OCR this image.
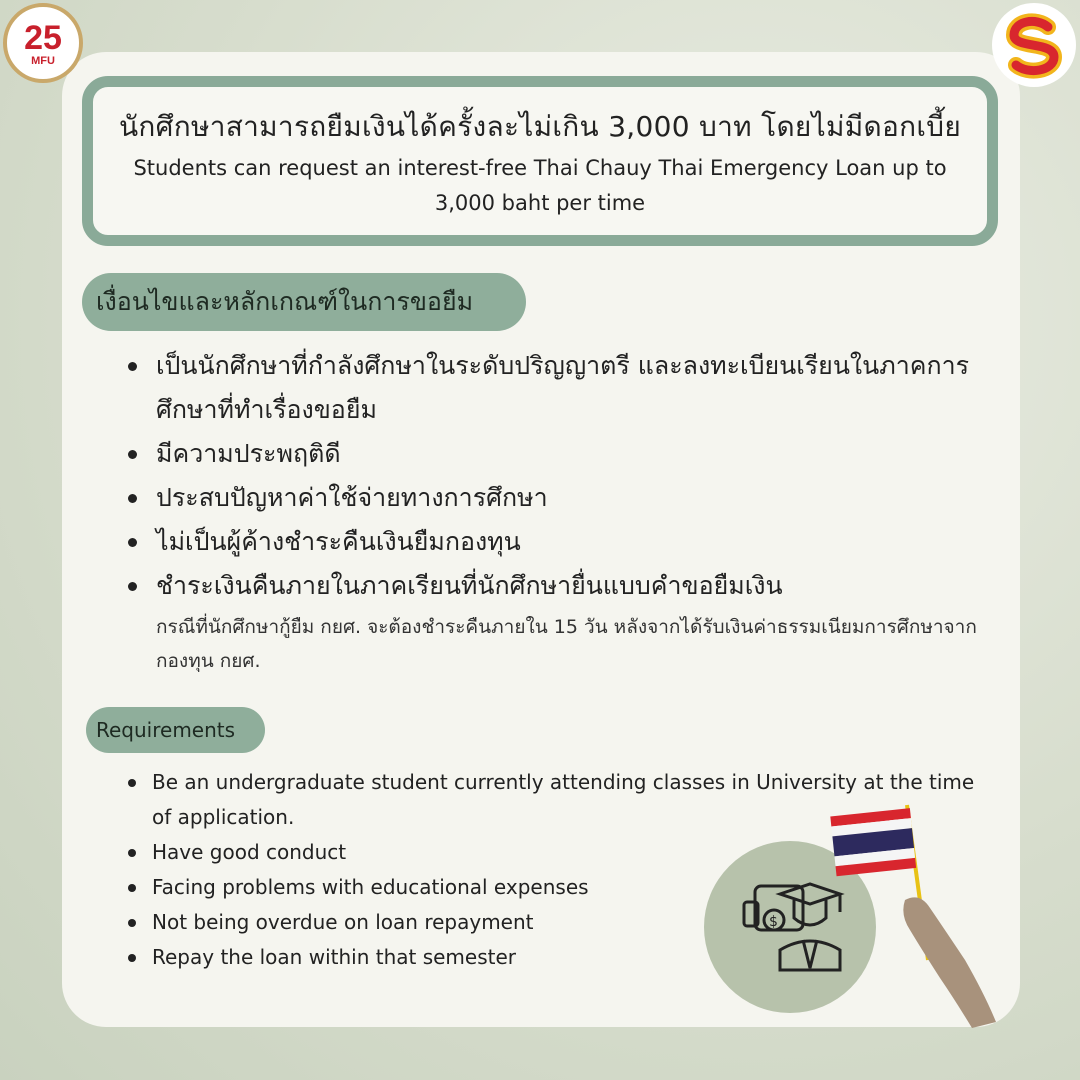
25
MFU
นักศึกษาสามารถยืมเงินได้ครั้งละไม่เกิน 3,000 บาท โดยไม่มีดอกเบี้ย
Students can request an interest-free Thai Chauy Thai Emergency Loan up to 3,000 baht per time
เงื่อนไขและหลักเกณฑ์ในการขอยืม
เป็นนักศึกษาที่กำลังศึกษาในระดับปริญญาตรี และลงทะเบียนเรียนในภาคการศึกษาที่ทำเรื่องขอยืม
มีความประพฤติดี
ประสบปัญหาค่าใช้จ่ายทางการศึกษา
ไม่เป็นผู้ค้างชำระคืนเงินยืมกองทุน
ชำระเงินคืนภายในภาคเรียนที่นักศึกษายื่นแบบคำขอยืมเงิน
กรณีที่นักศึกษากู้ยืม กยศ. จะต้องชำระคืนภายใน 15 วัน หลังจากได้รับเงินค่าธรรมเนียมการศึกษาจากกองทุน กยศ.
Requirements
Be an undergraduate student currently attending classes in University at the time of application.
Have good conduct
Facing problems with educational expenses
Not being overdue on loan repayment
Repay the loan within that semester
$
